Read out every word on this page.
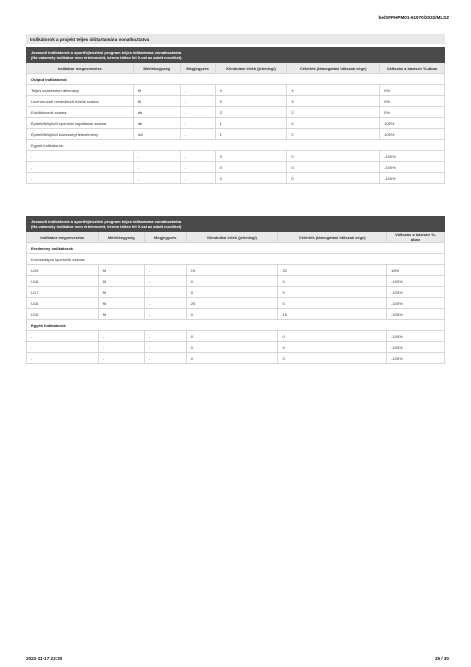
be/SFPHPM01-61970/2022/MLSZ
Indikátorok a projekt teljes időtartamára vonatkoztatva
Javasolt indikátorok a sportfejlesztési program teljes időtartama vonatkoztatva
(Ha valamely indikátor nem értelmezett, kérem töltse fel 0-val az adott mezőket)					
Indikátor megnevezése	Mértékegység	Megjegyzés	Kiindulási érték (jelenlegi)	Célérték (támogatási időszak vége)	Változás a bázisév %-ában
Output indikátorok					
Teljes szakember állomány	fő	-	4	4	0%
Licence-szel rendelkező edzők száma	fő	-	3	3	0%
Edzőtáborok száma	db	-	2	2	0%
Épített/felújított sportolói ingatlanok száma	db	-	1	2	100%
Épített/felújított közösségi létesítmény	m2	-	1	2	100%
Egyéb indikátorok:					
-	-	-	0	0	-100%
-	-	-	0	0	-100%
-	-	-	0	0	-100%
Javasolt indikátorok a sportfejlesztési program teljes időtartama vonatkoztatva
(Ha valamely indikátor nem értelmezett, kérem töltse fel 0-val az adott mezőket)					
Indikátor megnevezése	Mértékegység	Megjegyzés	Kiindulási érték (jelenlegi)	Célérték (támogatási időszak vége)	Változás a bázisév %-ában
Eredmény indikátorok					
Korosztályos sportolók száma:					
U19	fő	-	19	22	16%
U18	fő	-	0	0	-100%
U17	fő	-	0	0	-100%
U16	fő	-	20	0	-100%
U15	fő	-	0	15	-100%
Egyéb Indikátorok					
-	-	-	0	0	-100%
-	-	-	0	0	-100%
-	-	-	0	0	-100%
2022-11-17 23:30	25 / 30
